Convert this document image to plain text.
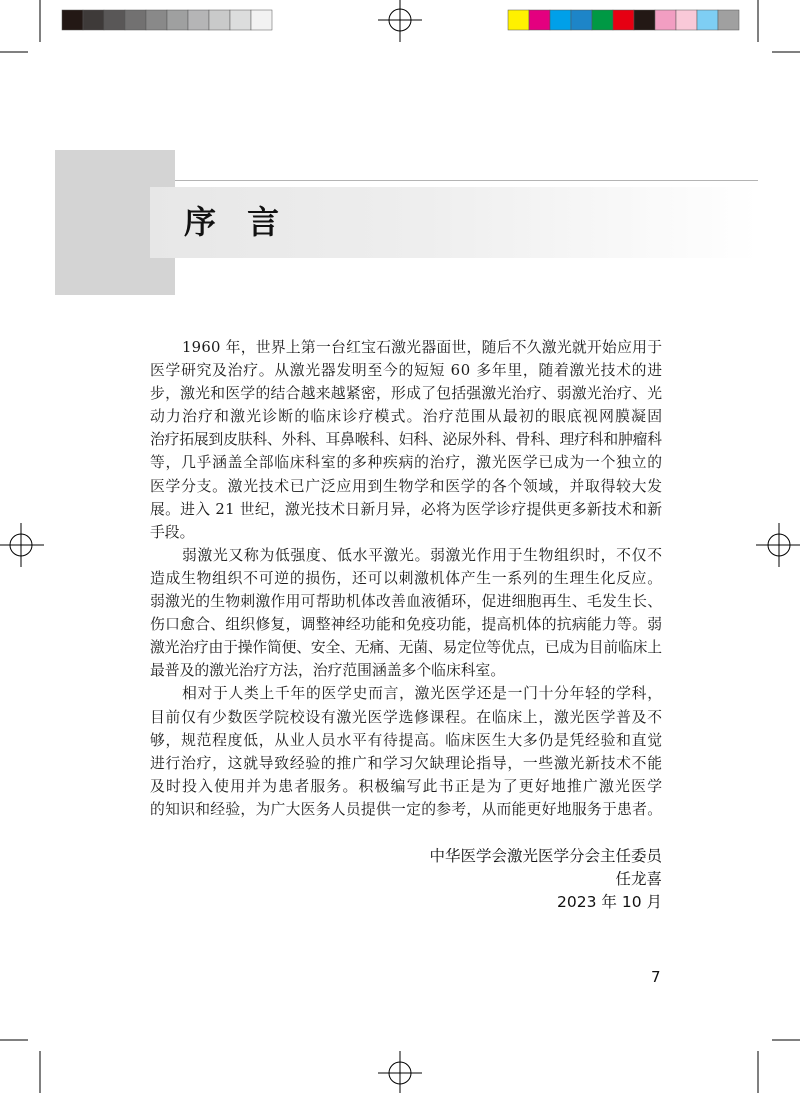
序 言
1960 年，世界上第一台红宝石激光器面世，随后不久激光就开始应用于
医学研究及治疗。从激光器发明至今的短短 60 多年里，随着激光技术的进
步，激光和医学的结合越来越紧密，形成了包括强激光治疗、弱激光治疗、光
动力治疗和激光诊断的临床诊疗模式。治疗范围从最初的眼底视网膜凝固
治疗拓展到皮肤科、外科、耳鼻喉科、妇科、泌尿外科、骨科、理疗科和肿瘤科
等，几乎涵盖全部临床科室的多种疾病的治疗，激光医学已成为一个独立的
医学分支。激光技术已广泛应用到生物学和医学的各个领域，并取得较大发
展。进入 21 世纪，激光技术日新月异，必将为医学诊疗提供更多新技术和新
手段。
弱激光又称为低强度、低水平激光。弱激光作用于生物组织时，不仅不
造成生物组织不可逆的损伤，还可以刺激机体产生一系列的生理生化反应。
弱激光的生物刺激作用可帮助机体改善血液循环，促进细胞再生、毛发生长、
伤口愈合、组织修复，调整神经功能和免疫功能，提高机体的抗病能力等。弱
激光治疗由于操作简便、安全、无痛、无菌、易定位等优点，已成为目前临床上
最普及的激光治疗方法，治疗范围涵盖多个临床科室。
相对于人类上千年的医学史而言，激光医学还是一门十分年轻的学科，
目前仅有少数医学院校设有激光医学选修课程。在临床上，激光医学普及不
够，规范程度低，从业人员水平有待提高。临床医生大多仍是凭经验和直觉
进行治疗，这就导致经验的推广和学习欠缺理论指导，一些激光新技术不能
及时投入使用并为患者服务。积极编写此书正是为了更好地推广激光医学
的知识和经验，为广大医务人员提供一定的参考，从而能更好地服务于患者。
中华医学会激光医学分会主任委员
任龙喜
2023 年 10 月
7
